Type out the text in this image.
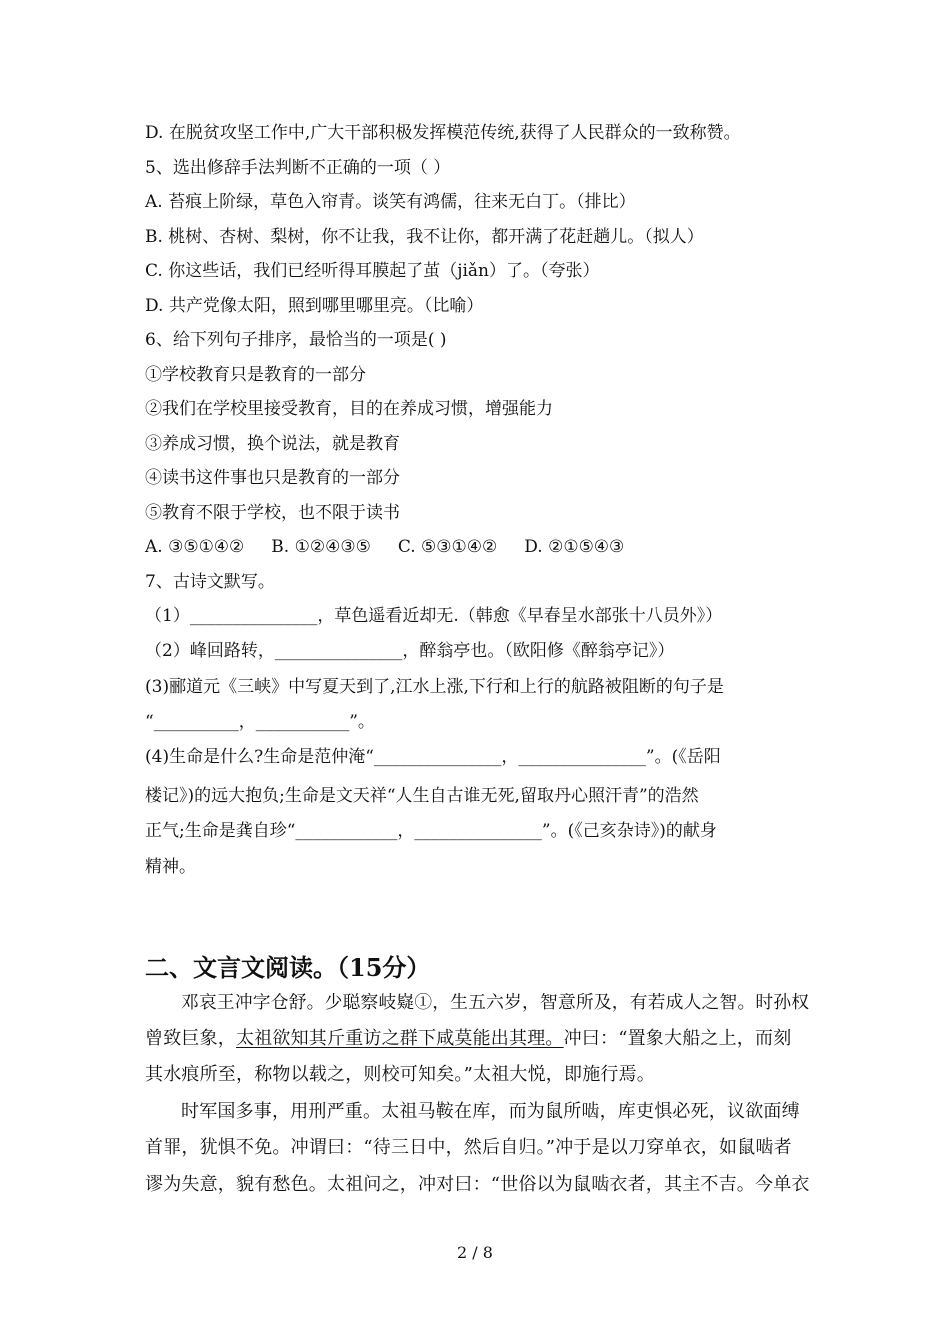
D. 在脱贫攻坚工作中,广大干部积极发挥模范传统,获得了人民群众的一致称赞。
5、选出修辞手法判断不正确的一项（ ）
A. 苔痕上阶绿，草色入帘青。谈笑有鸿儒，往来无白丁。（排比）
B. 桃树、杏树、梨树，你不让我，我不让你，都开满了花赶趟儿。（拟人）
C. 你这些话，我们已经听得耳膜起了茧（jiǎn）了。（夸张）
D. 共产党像太阳，照到哪里哪里亮。（比喻）
6、给下列句子排序，最恰当的一项是( )
①学校教育只是教育的一部分
②我们在学校里接受教育，目的在养成习惯，增强能力
③养成习惯，换个说法，就是教育
④读书这件事也只是教育的一部分
⑤教育不限于学校，也不限于读书
A. ③⑤①④②     B. ①②④③⑤     C. ⑤③①④②     D. ②①⑤④③
7、古诗文默写。
（1）_______________，草色遥看近却无.（韩愈《早春呈水部张十八员外》）
（2）峰回路转，_______________，醉翁亭也。（欧阳修《醉翁亭记》）
(3)郦道元《三峡》中写夏天到了,江水上涨,下行和上行的航路被阻断的句子是
“__________，___________”。
(4)生命是什么?生命是范仲淹“_______________，_______________”。(《岳阳
楼记》)的远大抱负;生命是文天祥“人生自古谁无死,留取丹心照汗青”的浩然
正气;生命是龚自珍“____________，_______________”。(《己亥杂诗》)的献身
精神。
二、文言文阅读。（15分）
邓哀王冲字仓舒。少聪察岐嶷①，生五六岁，智意所及，有若成人之智。时孙权
曾致巨象，太祖欲知其斤重访之群下咸莫能出其理。冲曰：“置象大船之上，而刻
其水痕所至，称物以载之，则校可知矣。”太祖大悦，即施行焉。
时军国多事，用刑严重。太祖马鞍在库，而为鼠所啮，库吏惧必死，议欲面缚
首罪，犹惧不免。冲谓曰：“待三日中，然后自归。”冲于是以刀穿单衣，如鼠啮者
谬为失意，貌有愁色。太祖问之，冲对曰：“世俗以为鼠啮衣者，其主不吉。今单衣
2 / 8
